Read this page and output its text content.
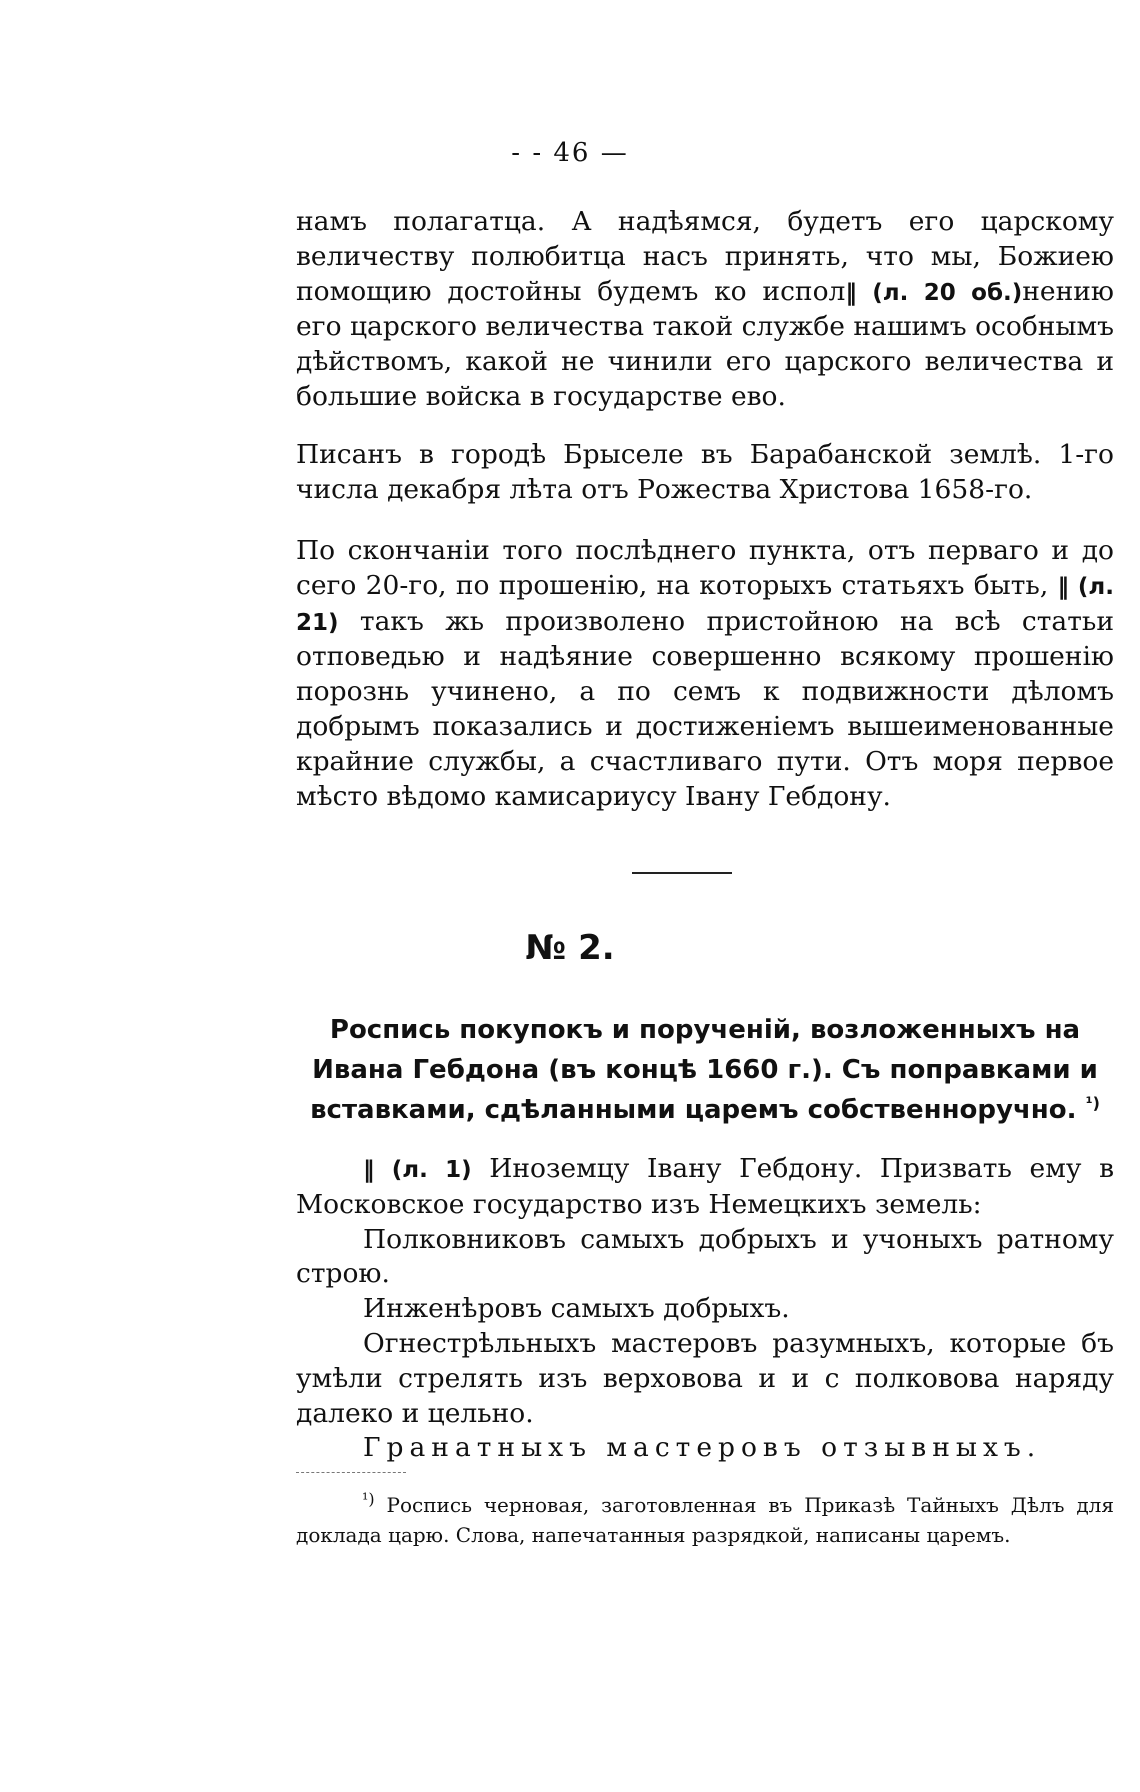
- - 46 —

намъ полагатца. А надѣямся, будетъ его царскому величеству полюбитца насъ принять, что мы, Божиею помощию достойны будемъ ко испол‖ (л. 20 об.)нению его царского величества такой службе нашимъ особнымъ дѣйствомъ, какой не чинили его царского величества и большие войска в государстве ево.

Писанъ в городѣ Брыселе въ Барабанской землѣ. 1-го числа декабря лѣта отъ Рожества Христова 1658-го.

По скончаніи того послѣднего пункта, отъ перваго и до сего 20-го, по прошенію, на которыхъ статьяхъ быть, ‖ (л. 21) такъ жь произволено пристойною на всѣ статьи отповедью и надѣяние совершенно всякому прошенію порознь учинено, а по семъ к подвижности дѣломъ добрымъ показались и достиженіемъ вышеименованные крайние службы, а счастливаго пути. Отъ моря первое мѣсто вѣдомо камисариусу Івану Гебдону.

№ 2.
Роспись покупокъ и порученій, возложенныхъ на Ивана Гебдона (въ концѣ 1660 г.). Съ поправками и вставками, сдѣланными царемъ собственноручно. $^{^1)}$

‖ (л. 1) Иноземцу Івану Гебдону. Призвать ему в Московское государство изъ Немецкихъ земель:

Полковниковъ самыхъ добрыхъ и учоныхъ ратному строю.

Инженѣровъ самыхъ добрыхъ.

Огнестрѣльныхъ мастеровъ разумныхъ, которые бъ умѣли стрелять изъ верховова и и с полковова наряду далеко и цельно.

Гранатныхъ мастеровъ отзывныхъ.

$^{^1)}$ Роспись черновая, заготовленная въ Приказѣ Тайныхъ Дѣлъ для доклада царю. Слова, напечатанныя разрядкой, написаны царемъ.
